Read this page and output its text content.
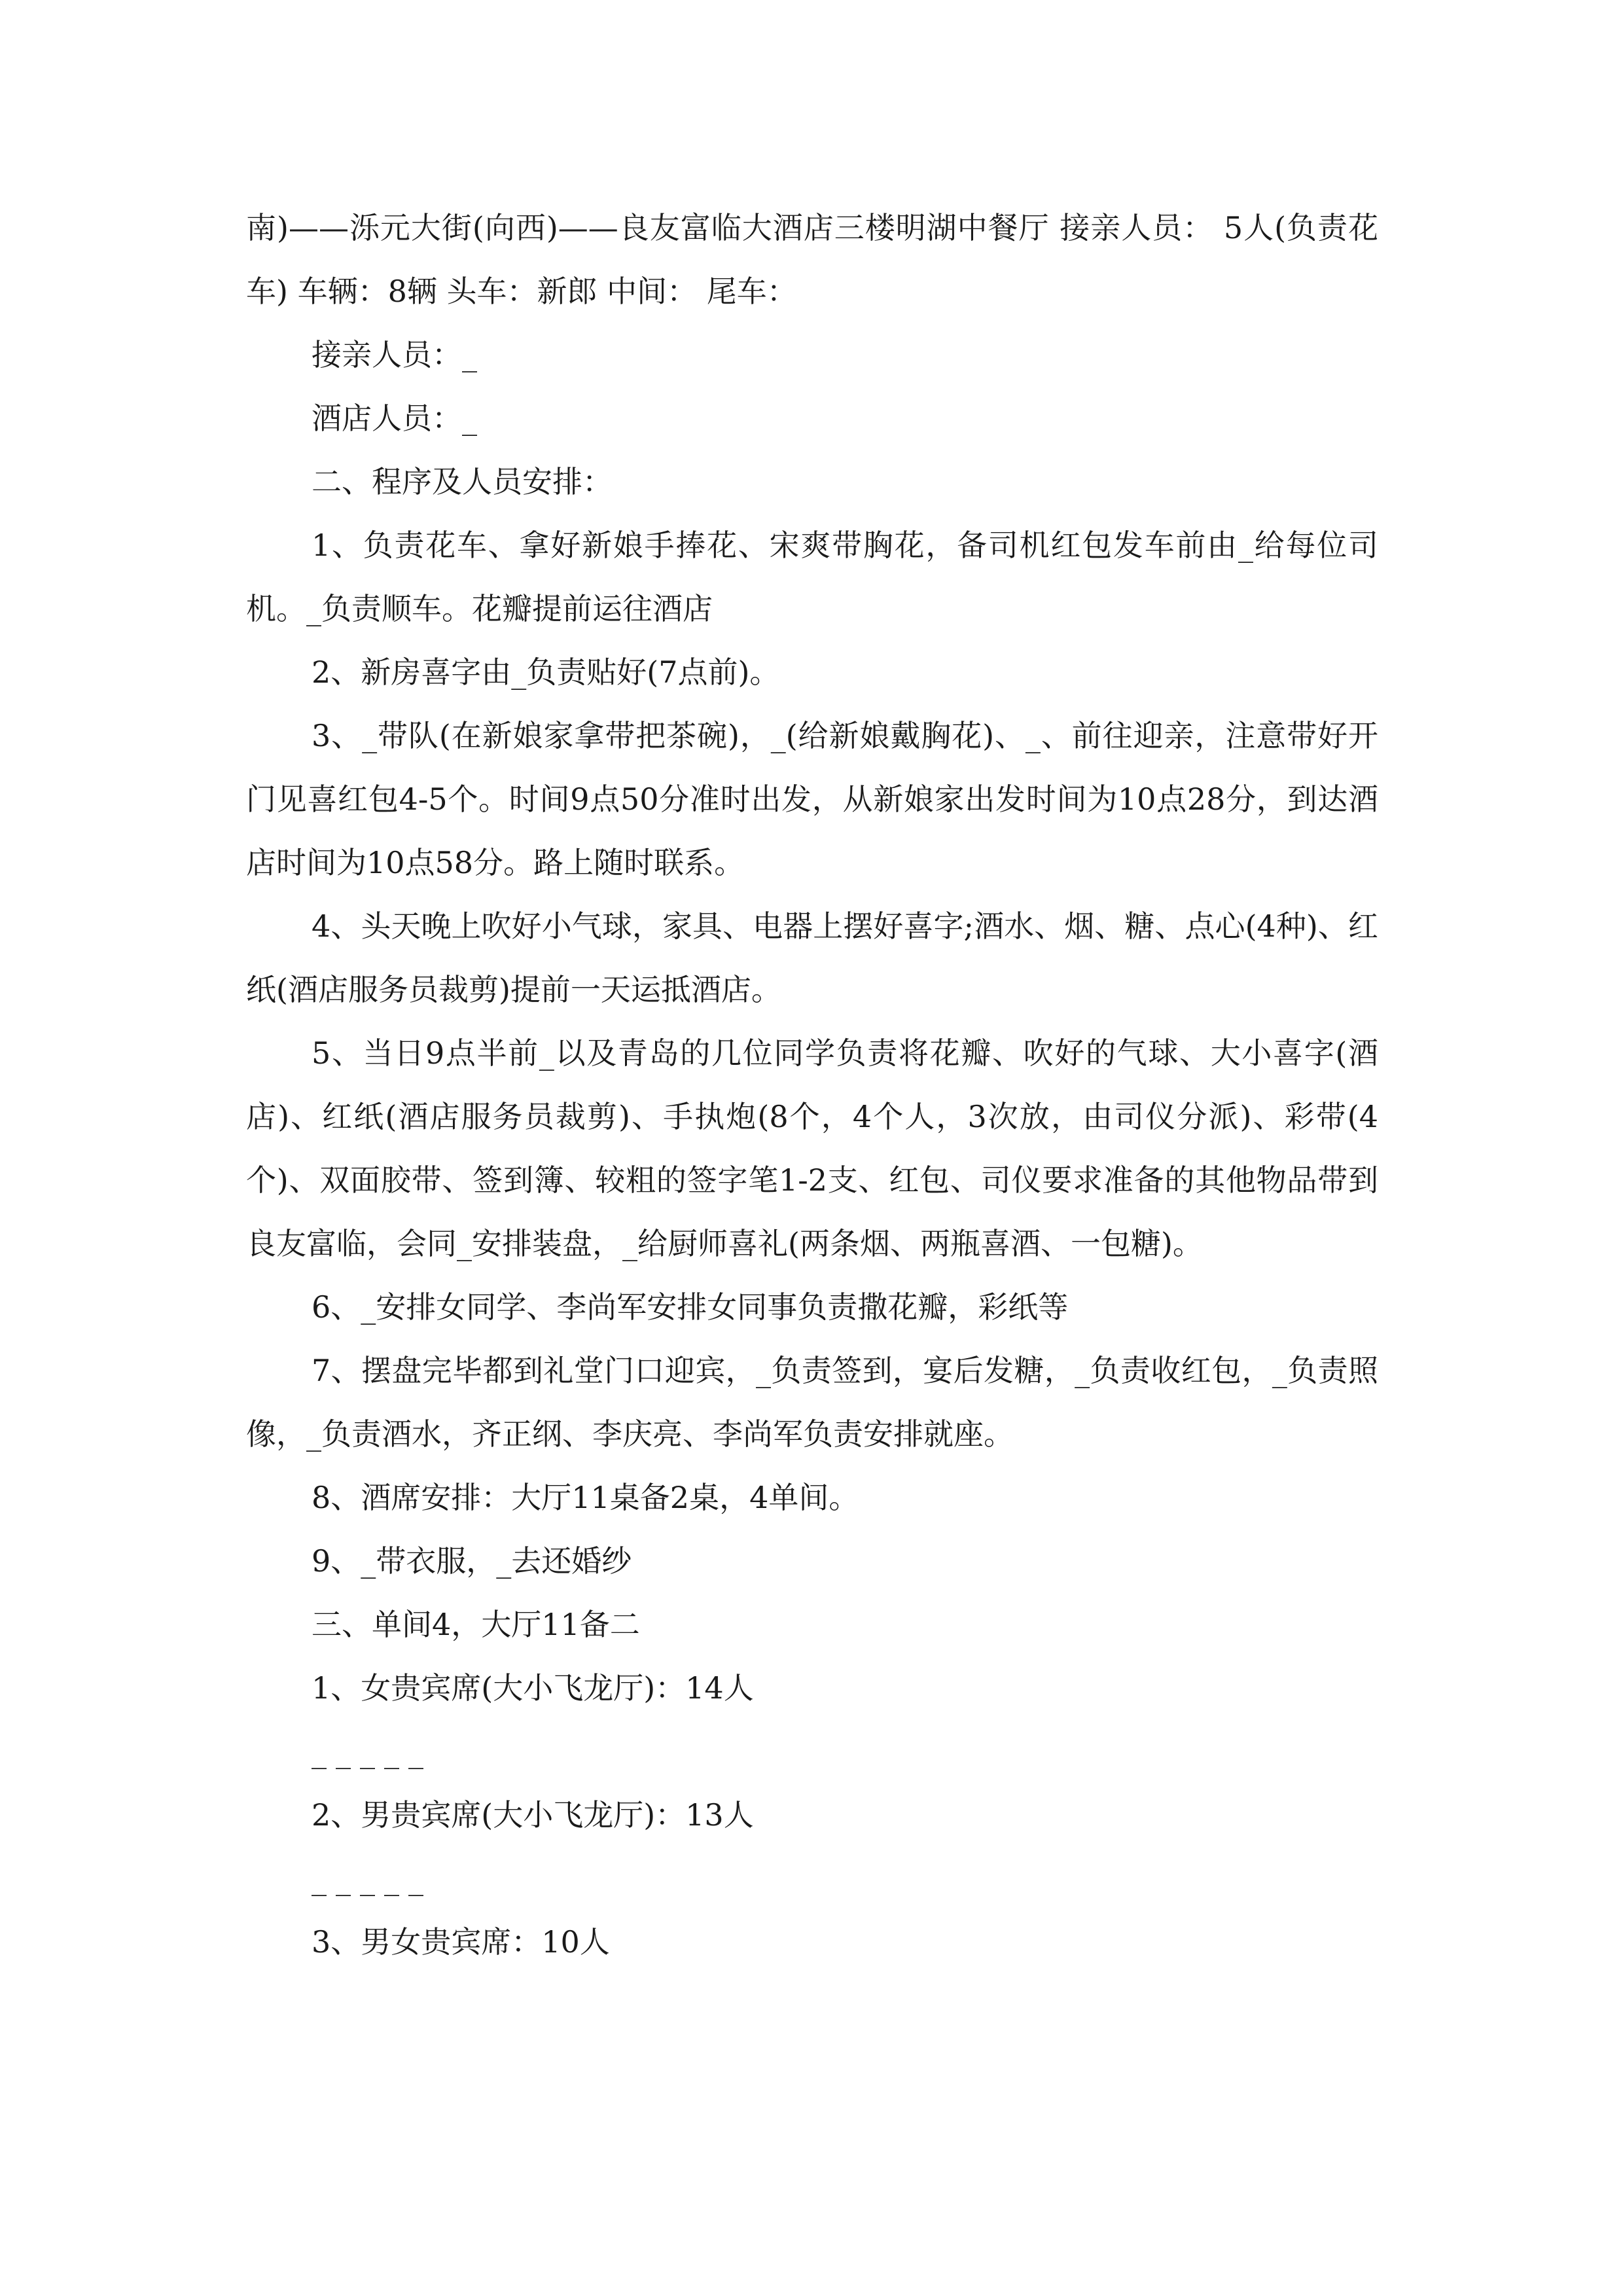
南)——泺元大街(向西)——良友富临大酒店三楼明湖中餐厅 接亲人员： 5人(负责花车) 车辆：8辆 头车：新郎 中间： 尾车：

接亲人员：_

酒店人员：_

二、程序及人员安排：

1、负责花车、拿好新娘手捧花、宋爽带胸花，备司机红包发车前由_给每位司机。_负责顺车。花瓣提前运往酒店

2、新房喜字由_负责贴好(7点前)。

3、_带队(在新娘家拿带把茶碗)，_(给新娘戴胸花)、_、前往迎亲，注意带好开门见喜红包4-5个。时间9点50分准时出发，从新娘家出发时间为10点28分，到达酒店时间为10点58分。路上随时联系。

4、头天晚上吹好小气球，家具、电器上摆好喜字;酒水、烟、糖、点心(4种)、红纸(酒店服务员裁剪)提前一天运抵酒店。

5、当日9点半前_以及青岛的几位同学负责将花瓣、吹好的气球、大小喜字(酒店)、红纸(酒店服务员裁剪)、手执炮(8个，4个人，3次放，由司仪分派)、彩带(4个)、双面胶带、签到簿、较粗的签字笔1-2支、红包、司仪要求准备的其他物品带到良友富临，会同_安排装盘，_给厨师喜礼(两条烟、两瓶喜酒、一包糖)。

6、_安排女同学、李尚军安排女同事负责撒花瓣，彩纸等

7、摆盘完毕都到礼堂门口迎宾，_负责签到，宴后发糖，_负责收红包，_负责照像，_负责酒水，齐正纲、李庆亮、李尚军负责安排就座。

8、酒席安排：大厅11桌备2桌，4单间。

9、_带衣服，_去还婚纱

三、单间4，大厅11备二

1、女贵宾席(大小飞龙厅)：14人

_____

2、男贵宾席(大小飞龙厅)：13人

_____

3、男女贵宾席：10人
